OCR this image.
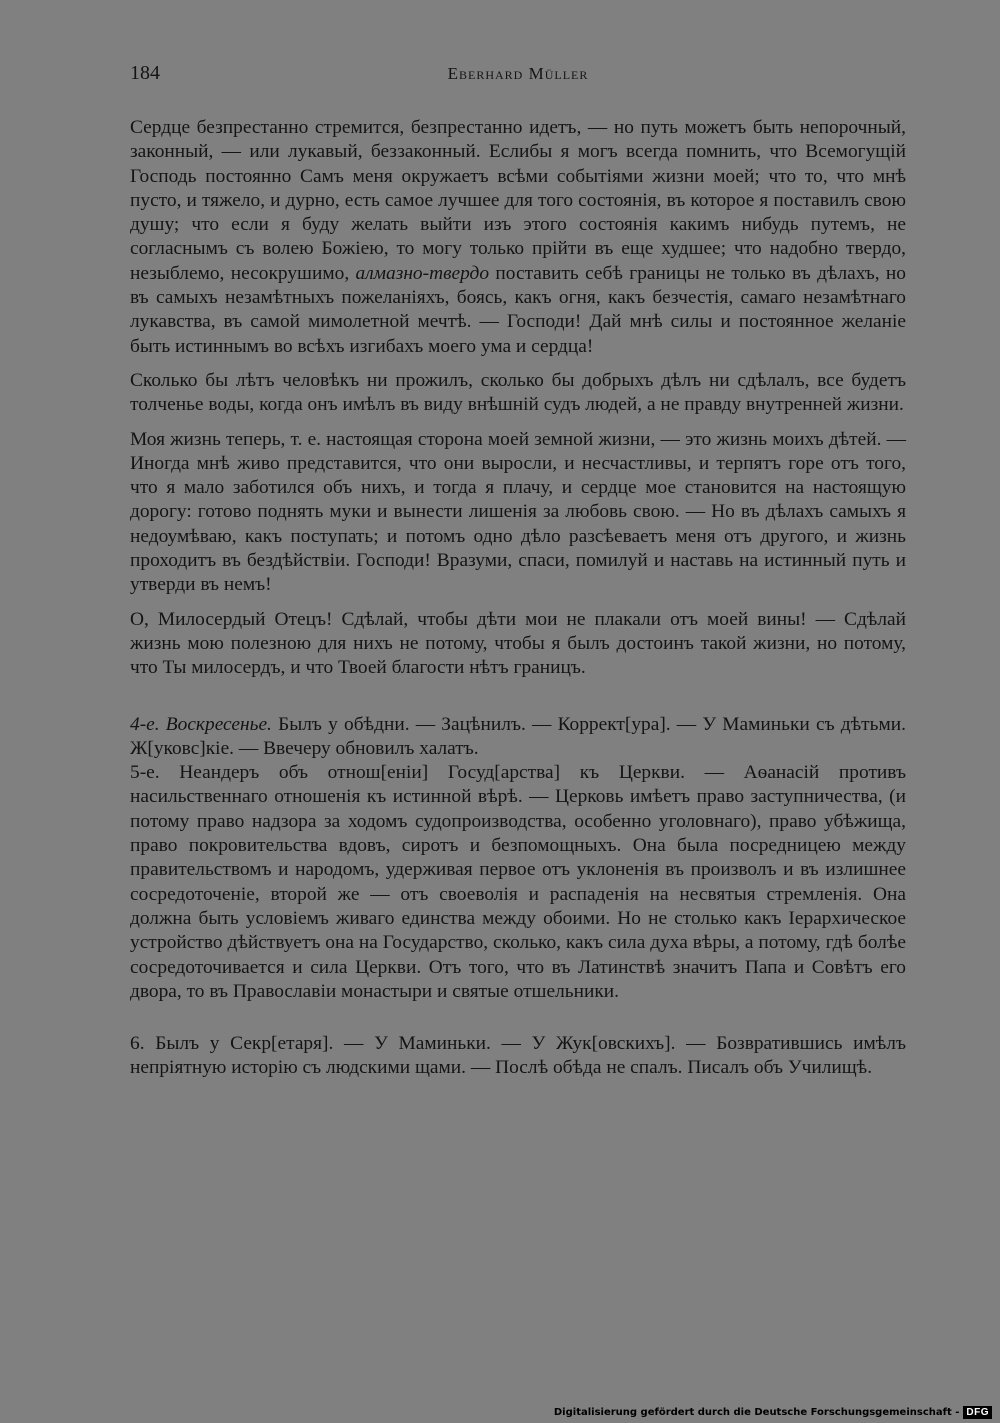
184	Eberhard Müller

Сердце безпрестанно стремится, безпрестанно идетъ, — но путь можетъ быть непорочный, законный, — или лукавый, беззаконный. Еслибы я могъ всегда помнить, что Всемогущій Господь постоянно Самъ меня окружаетъ всѣми событіями жизни моей; что то, что мнѣ пусто, и тяжело, и дурно, есть самое лучшее для того состоянія, въ которое я поставилъ свою душу; что если я буду желать выйти изъ этого состоянія какимъ нибудь путемъ, не согласнымъ съ волею Божіею, то могу только прійти въ еще худшее; что надобно твердо, незыблемо, несокрушимо, алмазно-твердо поставить себѣ границы не только въ дѣлахъ, но въ самыхъ незамѣтныхъ пожеланіяхъ, боясь, какъ огня, какъ безчестія, самаго незамѣтнаго лукавства, въ самой мимолетной мечтѣ. — Господи! Дай мнѣ силы и постоянное желаніе быть истиннымъ во всѣхъ изгибахъ моего ума и сердца!

Сколько бы лѣтъ человѣкъ ни прожилъ, сколько бы добрыхъ дѣлъ ни сдѣлалъ, все будетъ толченье воды, когда онъ имѣлъ въ виду внѣшній судъ людей, а не правду внутренней жизни.

Моя жизнь теперь, т. е. настоящая сторона моей земной жизни, — это жизнь моихъ дѣтей. — Иногда мнѣ живо представится, что они выросли, и несчастливы, и терпятъ горе отъ того, что я мало заботился объ нихъ, и тогда я плачу, и сердце мое становится на настоящую дорогу: готово поднять муки и вынести лишенія за любовь свою. — Но въ дѣлахъ самыхъ я недоумѣваю, какъ поступать; и потомъ одно дѣло разсѣеваетъ меня отъ другого, и жизнь проходитъ въ бездѣйствіи. Господи! Вразуми, спаси, помилуй и наставь на истинный путь и утверди въ немъ!

О, Милосердый Отецъ! Сдѣлай, чтобы дѣти мои не плакали отъ моей вины! — Сдѣлай жизнь мою полезною для нихъ не потому, чтобы я былъ достоинъ такой жизни, но потому, что Ты милосердъ, и что Твоей благости нѣтъ границъ.

4-е. Воскресенье. Былъ у обѣдни. — Зацѣнилъ. — Коррект[ура]. — У Маминьки съ дѣтьми. Ж[уковс]кіе. — Ввечеру обновилъ халатъ.

5-е. Неандеръ объ отнош[еніи] Госуд[арства] къ Церкви. — Аѳанасій противъ насильственнаго отношенія къ истинной вѣрѣ. — Церковь имѣетъ право заступничества, (и потому право надзора за ходомъ судопроизводства, особенно уголовнаго), право убѣжища, право покровительства вдовъ, сиротъ и безпомощныхъ. Она была посредницею между правительствомъ и народомъ, удерживая первое отъ уклоненія въ произволъ и въ излишнее сосредоточеніе, второй же — отъ своеволія и распаденія на несвятыя стремленія. Она должна быть условіемъ живаго единства между обоими. Но не столько какъ Іерархическое устройство дѣйствуетъ она на Государство, сколько, какъ сила духа вѣры, а потому, гдѣ болѣе сосредоточивается и сила Церкви. Отъ того, что въ Латинствѣ значитъ Папа и Совѣтъ его двора, то въ Православіи монастыри и святые отшельники.

6. Былъ у Секр[етаря]. — У Маминьки. — У Жук[овскихъ]. — Бозвратившись имѣлъ непріятную исторію съ людскими щами. — Послѣ обѣда не спалъ. Писалъ объ Училищѣ.

Digitalisierung gefördert durch die Deutsche Forschungsgemeinschaft - DFG
